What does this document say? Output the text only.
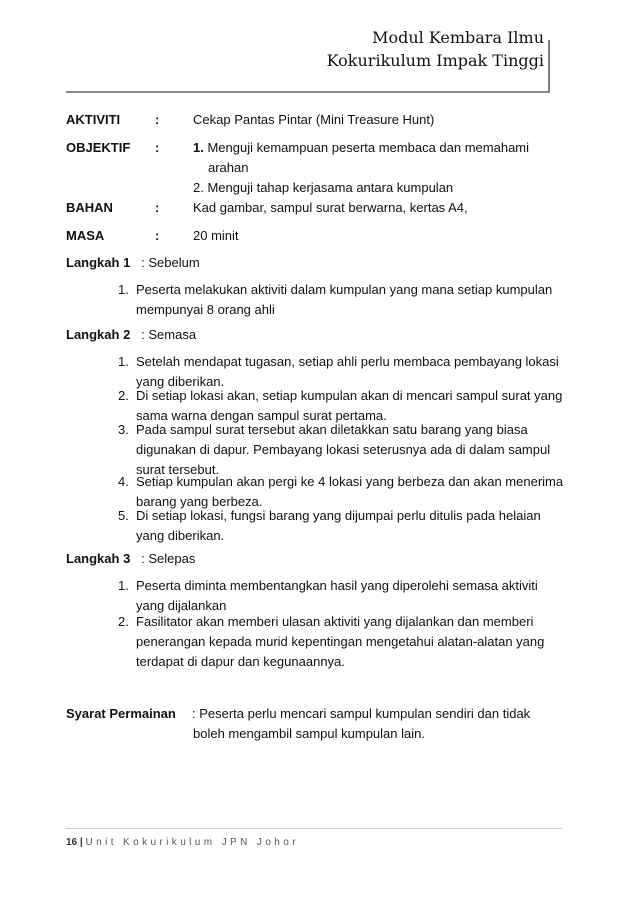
Modul Kembara Ilmu
Kokurikulum Impak Tinggi
AKTIVITI	:	Cekap Pantas Pintar (Mini Treasure Hunt)
OBJEKTIF :	1. Menguji kemampuan peserta membaca dan memahami
arahan
2. Menguji tahap kerjasama antara kumpulan
BAHAN	:	Kad gambar, sampul surat berwarna, kertas A4,
MASA	:	20 minit
Langkah 1 : Sebelum
1. Peserta melakukan aktiviti dalam kumpulan yang mana setiap kumpulan
mempunyai 8 orang ahli
Langkah 2 : Semasa
1. Setelah mendapat tugasan, setiap ahli perlu membaca pembayang lokasi
yang diberikan.
2. Di setiap lokasi akan, setiap kumpulan akan di mencari sampul surat yang
sama warna dengan sampul surat pertama.
3. Pada sampul surat tersebut akan diletakkan satu barang yang biasa
digunakan di dapur. Pembayang lokasi seterusnya ada di dalam sampul
surat tersebut.
4. Setiap kumpulan akan pergi ke 4 lokasi yang berbeza dan akan menerima
barang yang berbeza.
5. Di setiap lokasi, fungsi barang yang dijumpai perlu ditulis pada helaian
yang diberikan.
Langkah 3 : Selepas
1. Peserta diminta membentangkan hasil yang diperolehi semasa aktiviti
yang dijalankan
2. Fasilitator akan memberi ulasan aktiviti yang dijalankan dan memberi
penerangan kepada murid kepentingan mengetahui alatan-alatan yang
terdapat di dapur dan kegunaannya.
Syarat Permainan : Peserta perlu mencari sampul kumpulan sendiri dan tidak
boleh mengambil sampul kumpulan lain.
16 | Unit Kokurikulum JPN Johor
